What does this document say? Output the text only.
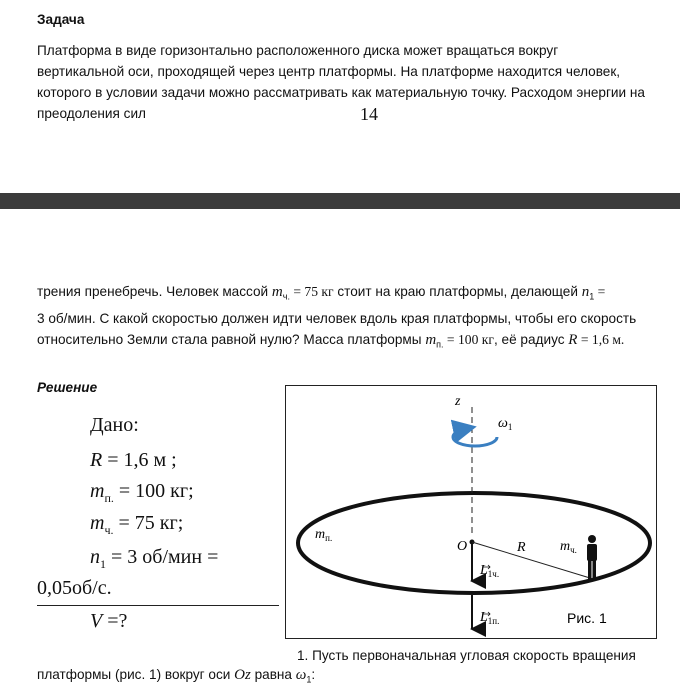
Задача
Платформа в виде горизонтально расположенного диска может вращаться вокруг вертикальной оси, проходящей через центр платформы. На платформе находится человек, которого в условии задачи можно рассматривать как материальную точку. Расходом энергии на преодоления сил	14
трения пренебречь. Человек массой $m_{ч.} = 75$ кг стоит на краю платформы, делающей $n_1$ =
3 об/мин. С какой скоростью должен идти человек вдоль края платформы, чтобы его скорость относительно Земли стала равной нулю? Масса платформы $m_{п.} = 100$ кг, её радиус R = 1,6 м.
Решение
Дано:
R = 1,6 м ;
$m_{п.} = 100$ кг;
$m_{ч.} = 75$ кг;
$n_1 = 3$ об/мин =
0,05об/с.
V =?
z
$\omega_1$
$m_{п.}$
O	R $m_{ч.}$
$L_{1ч.}$
$L_{1п.}$	Рис. 1
1. Пусть первоначальная угловая скорость вращения
платформы (рис. 1) вокруг оси Oz равна $\omega_1$:
